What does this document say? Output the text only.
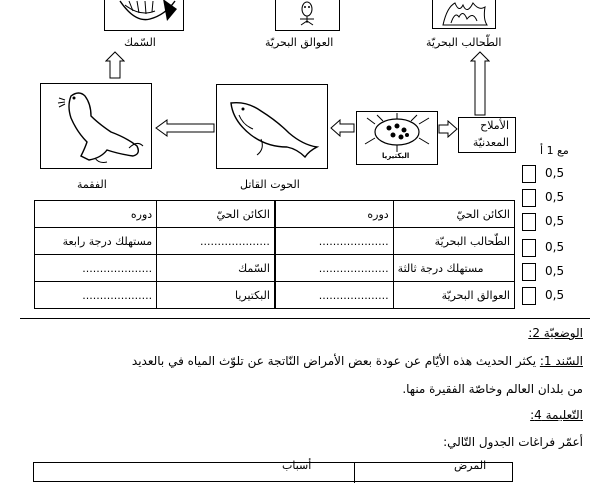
السّمك	العوالق البحريّة	الطّحالب البحريّة
البكتيريا
الأملاح
المعدنيّة
الفقمة	الحوت القاتل
مع 1 أ
0,5
0,5
0,5
0,5
0,5
0,5
الكائن الحيّ	دوره	الكائن الحيّ	دوره
الطّحالب البحريّة	....................	....................	مستهلك درجة رابعة
مستهلك درجة ثالثة	....................	السّمك	....................
العوالق البحريّة	....................	البكتيريا	....................
الوضعيّة 2:
السّند 1: يكثر الحديث هذه الأيّام عن عودة بعض الأمراض النّاتجة عن تلوّث المياه في بالعديد
من بلدان العالم وخاصّة الفقيرة منها.
التّعليمة 4:
أعمّر فراغات الجدول التّالي:
أسباب	المرض
